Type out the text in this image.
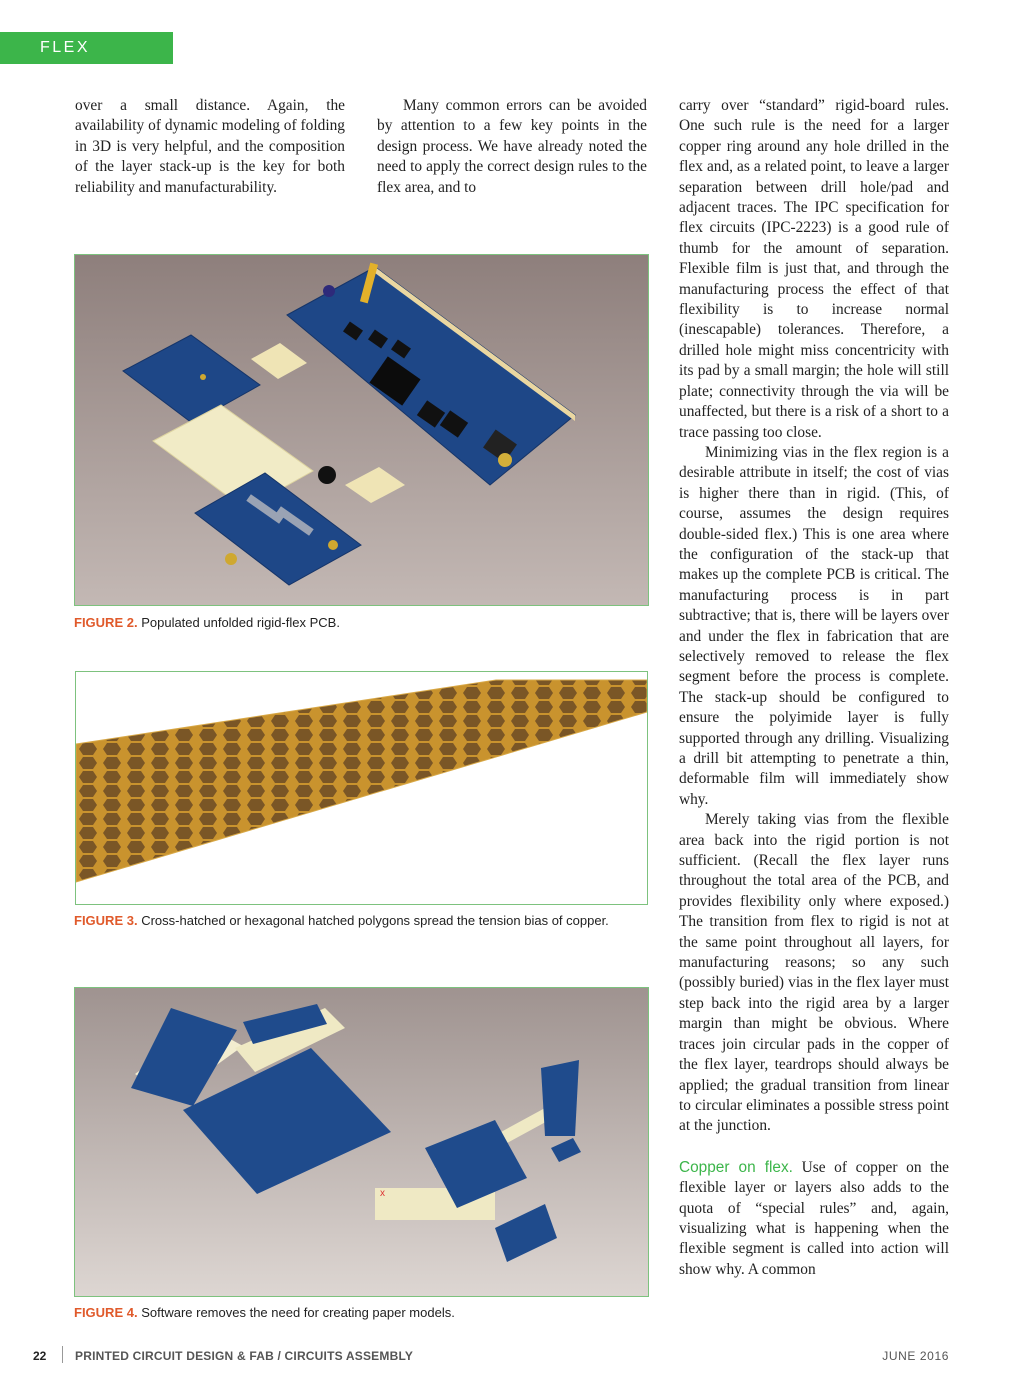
FLEX DESIGN

over a small distance. Again, the availability of dynamic modeling of folding in 3D is very helpful, and the composition of the layer stack-up is the key for both reliability and manufacturability.

Many common errors can be avoided by attention to a few key points in the design process. We have already noted the need to apply the correct design rules to the flex area, and to

carry over “standard” rigid-board rules. One such rule is the need for a larger copper ring around any hole drilled in the flex and, as a related point, to leave a larger separation between drill hole/pad and adjacent traces. The IPC specification for flex circuits (IPC-2223) is a good rule of thumb for the amount of separation. Flexible film is just that, and through the manufacturing process the effect of that flexibility is to increase normal (inescapable) tolerances. Therefore, a drilled hole might miss concentricity with its pad by a small margin; the hole will still plate; connectivity through the via will be unaffected, but there is a risk of a short to a trace passing too close.

Minimizing vias in the flex region is a desirable attribute in itself; the cost of vias is higher there than in rigid. (This, of course, assumes the design requires double-sided flex.) This is one area where the configuration of the stack-up that makes up the complete PCB is critical. The manufacturing process is in part subtractive; that is, there will be layers over and under the flex in fabrication that are selectively removed to release the flex segment before the process is complete. The stack-up should be configured to ensure the polyimide layer is fully supported through any drilling. Visualizing a drill bit attempting to penetrate a thin, deformable film will immediately show why.

Merely taking vias from the flexible area back into the rigid portion is not sufficient. (Recall the flex layer runs throughout the total area of the PCB, and provides flexibility only where exposed.) The transition from flex to rigid is not at the same point throughout all layers, for manufacturing reasons; so any such (possibly buried) vias in the flex layer must step back into the rigid area by a larger margin than might be obvious. Where traces join circular pads in the copper of the flex layer, teardrops should always be applied; the gradual transition from linear to circular eliminates a possible stress point at the junction.

Copper on flex. Use of copper on the flexible layer or layers also adds to the quota of “special rules” and, again, visualizing what is happening when the flexible segment is called into action will show why. A common

FIGURE 2. Populated unfolded rigid-flex PCB.
FIGURE 3. Cross-hatched or hexagonal hatched polygons spread the tension bias of copper.
x
FIGURE 4. Software removes the need for creating paper models.
22 PRINTED CIRCUIT DESIGN & FAB / CIRCUITS ASSEMBLY	JUNE 2016
